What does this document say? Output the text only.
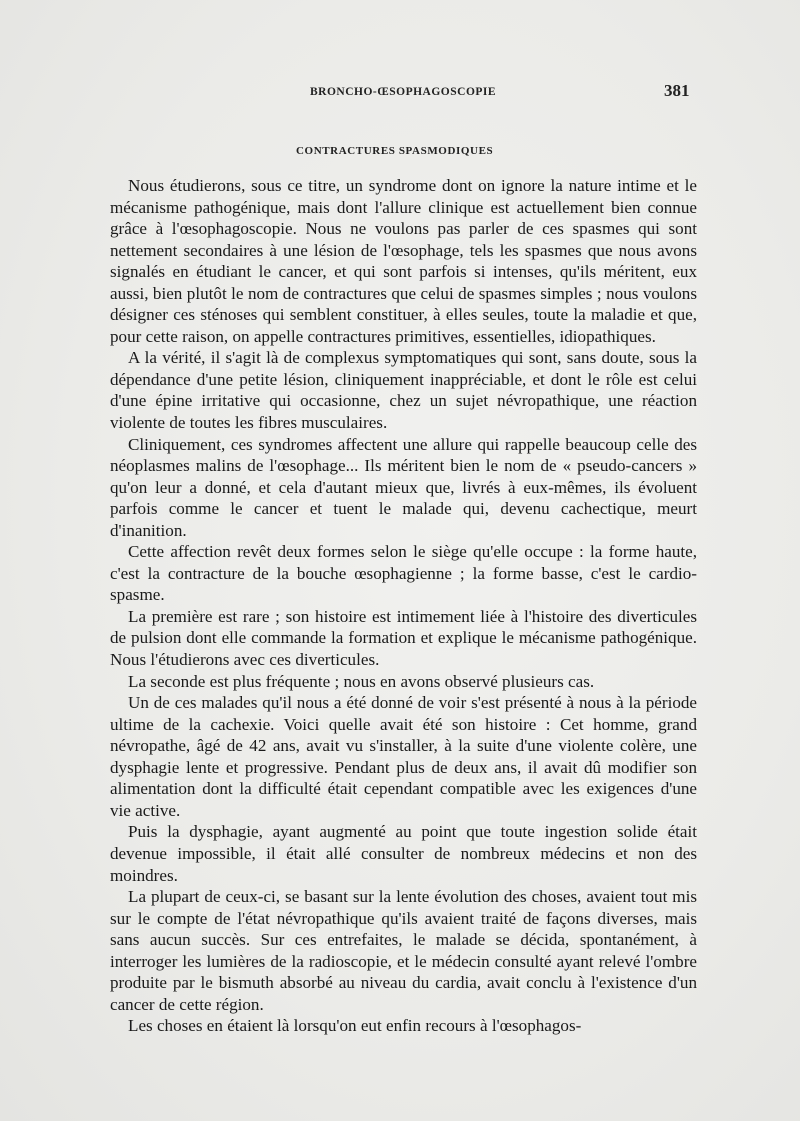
⠀
BRONCHO-ŒSOPHAGOSCOPIE	381
CONTRACTURES SPASMODIQUES

Nous étudierons, sous ce titre, un syndrome dont on ignore la nature intime et le mécanisme pathogénique, mais dont l'allure clinique est actuellement bien connue grâce à l'œsophagoscopie. Nous ne voulons pas parler de ces spasmes qui sont nettement secondaires à une lésion de l'œsophage, tels les spasmes que nous avons signalés en étudiant le cancer, et qui sont parfois si intenses, qu'ils méritent, eux aussi, bien plutôt le nom de contractures que celui de spasmes simples ; nous voulons désigner ces sténoses qui semblent constituer, à elles seules, toute la maladie et que, pour cette raison, on appelle contractures primitives, essentielles, idiopathiques.

A la vérité, il s'agit là de complexus symptomatiques qui sont, sans doute, sous la dépendance d'une petite lésion, cliniquement inappréciable, et dont le rôle est celui d'une épine irritative qui occasionne, chez un sujet névropathique, une réaction violente de toutes les fibres musculaires.

Cliniquement, ces syndromes affectent une allure qui rappelle beaucoup celle des néoplasmes malins de l'œsophage... Ils méritent bien le nom de « pseudo-cancers » qu'on leur a donné, et cela d'autant mieux que, livrés à eux-mêmes, ils évoluent parfois comme le cancer et tuent le malade qui, devenu cachectique, meurt d'inanition.

Cette affection revêt deux formes selon le siège qu'elle occupe : la forme haute, c'est la contracture de la bouche œsophagienne ; la forme basse, c'est le cardio-spasme.

La première est rare ; son histoire est intimement liée à l'histoire des diverticules de pulsion dont elle commande la formation et explique le mécanisme pathogénique. Nous l'étudierons avec ces diverticules.

La seconde est plus fréquente ; nous en avons observé plusieurs cas.

Un de ces malades qu'il nous a été donné de voir s'est présenté à nous à la période ultime de la cachexie. Voici quelle avait été son histoire : Cet homme, grand névropathe, âgé de 42 ans, avait vu s'installer, à la suite d'une violente colère, une dysphagie lente et progressive. Pendant plus de deux ans, il avait dû modifier son alimentation dont la difficulté était cependant compatible avec les exigences d'une vie active.

Puis la dysphagie, ayant augmenté au point que toute ingestion solide était devenue impossible, il était allé consulter de nombreux médecins et non des moindres.

La plupart de ceux-ci, se basant sur la lente évolution des choses, avaient tout mis sur le compte de l'état névropathique qu'ils avaient traité de façons diverses, mais sans aucun succès. Sur ces entrefaites, le malade se décida, spontanément, à interroger les lumières de la radioscopie, et le médecin consulté ayant relevé l'ombre produite par le bismuth absorbé au niveau du cardia, avait conclu à l'existence d'un cancer de cette région.

Les choses en étaient là lorsqu'on eut enfin recours à l'œsophagos-
